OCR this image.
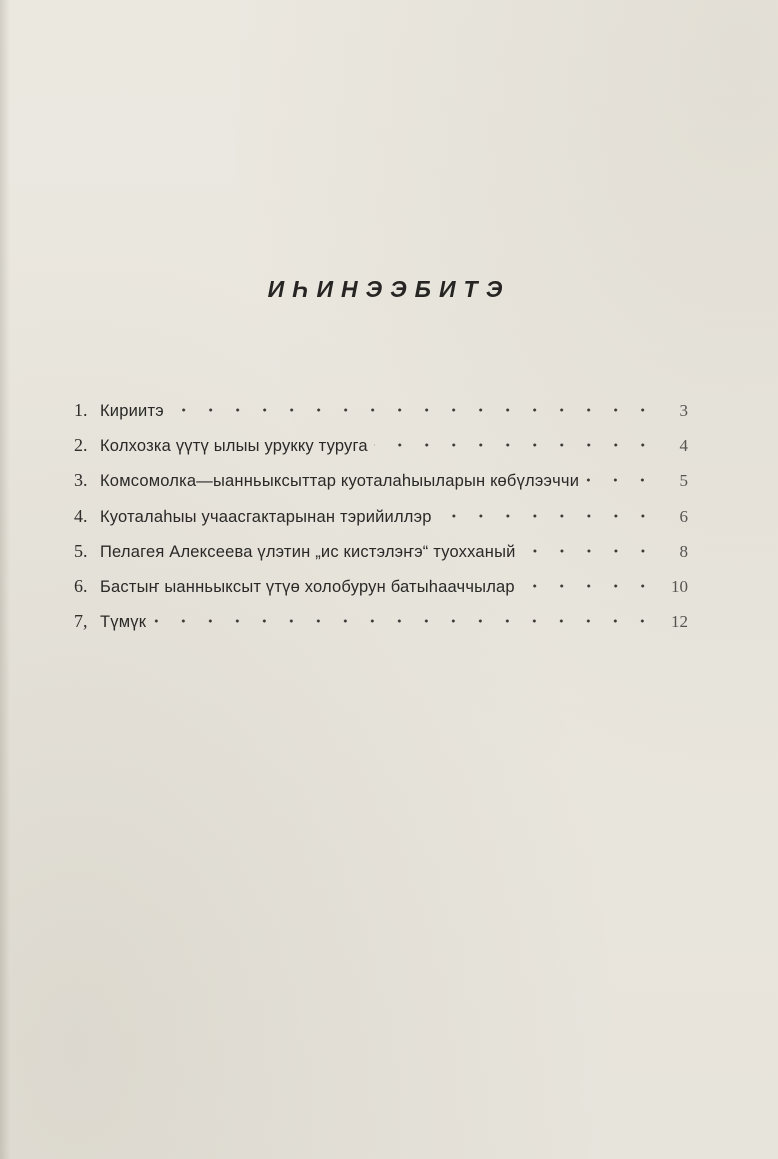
ИҺИНЭЭБИТЭ
1. Кириитэ	3
2. Колхозка үүтү ылыы урукку туруга	4
3. Комсомолка—ыанньыксыттар куоталаһыыларын көбүлээччи	5
4. Куоталаһыы учаасгактарынан тэрийиллэр	6
5. Пелагея Алексеева үлэтин „ис кистэлэҥэ“ туохханый	8
6. Бастыҥ ыанньыксыт үтүө холобурун батыһааччылар	10
7, Түмүк	12
